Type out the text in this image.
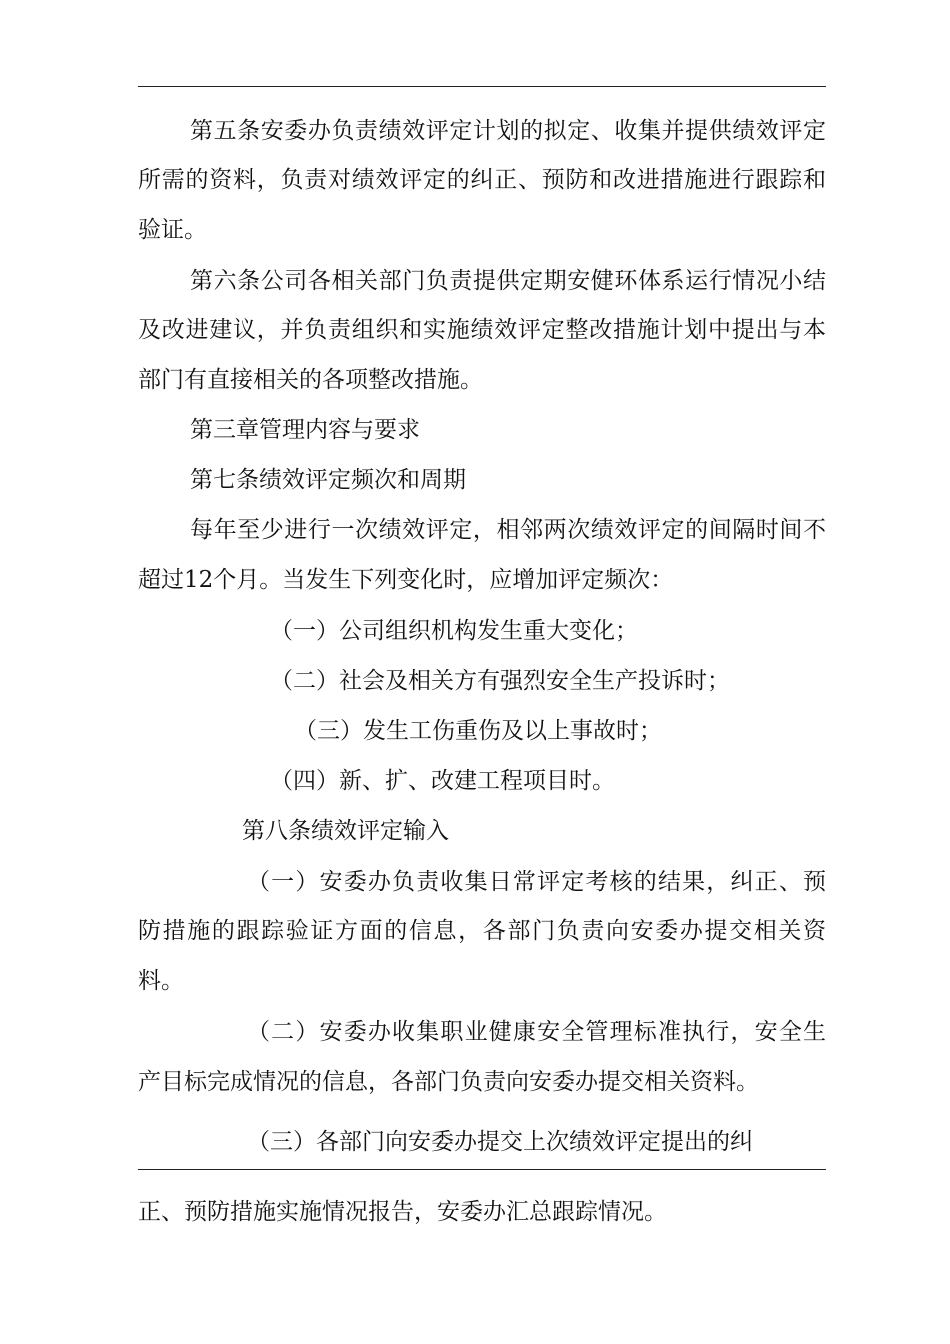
第五条安委办负责绩效评定计划的拟定、收集并提供绩效评定
所需的资料，负责对绩效评定的纠正、预防和改进措施进行跟踪和
验证。
第六条公司各相关部门负责提供定期安健环体系运行情况小结
及改进建议，并负责组织和实施绩效评定整改措施计划中提出与本
部门有直接相关的各项整改措施。
第三章管理内容与要求
第七条绩效评定频次和周期
每年至少进行一次绩效评定，相邻两次绩效评定的间隔时间不
超过12个月。当发生下列变化时，应增加评定频次：
（一）公司组织机构发生重大变化；
（二）社会及相关方有强烈安全生产投诉时；
（三）发生工伤重伤及以上事故时；
（四）新、扩、改建工程项目时。
第八条绩效评定输入
（一）安委办负责收集日常评定考核的结果，纠正、预
防措施的跟踪验证方面的信息，各部门负责向安委办提交相关资
料。
（二）安委办收集职业健康安全管理标准执行，安全生
产目标完成情况的信息，各部门负责向安委办提交相关资料。
（三）各部门向安委办提交上次绩效评定提出的纠
正、预防措施实施情况报告，安委办汇总跟踪情况。
